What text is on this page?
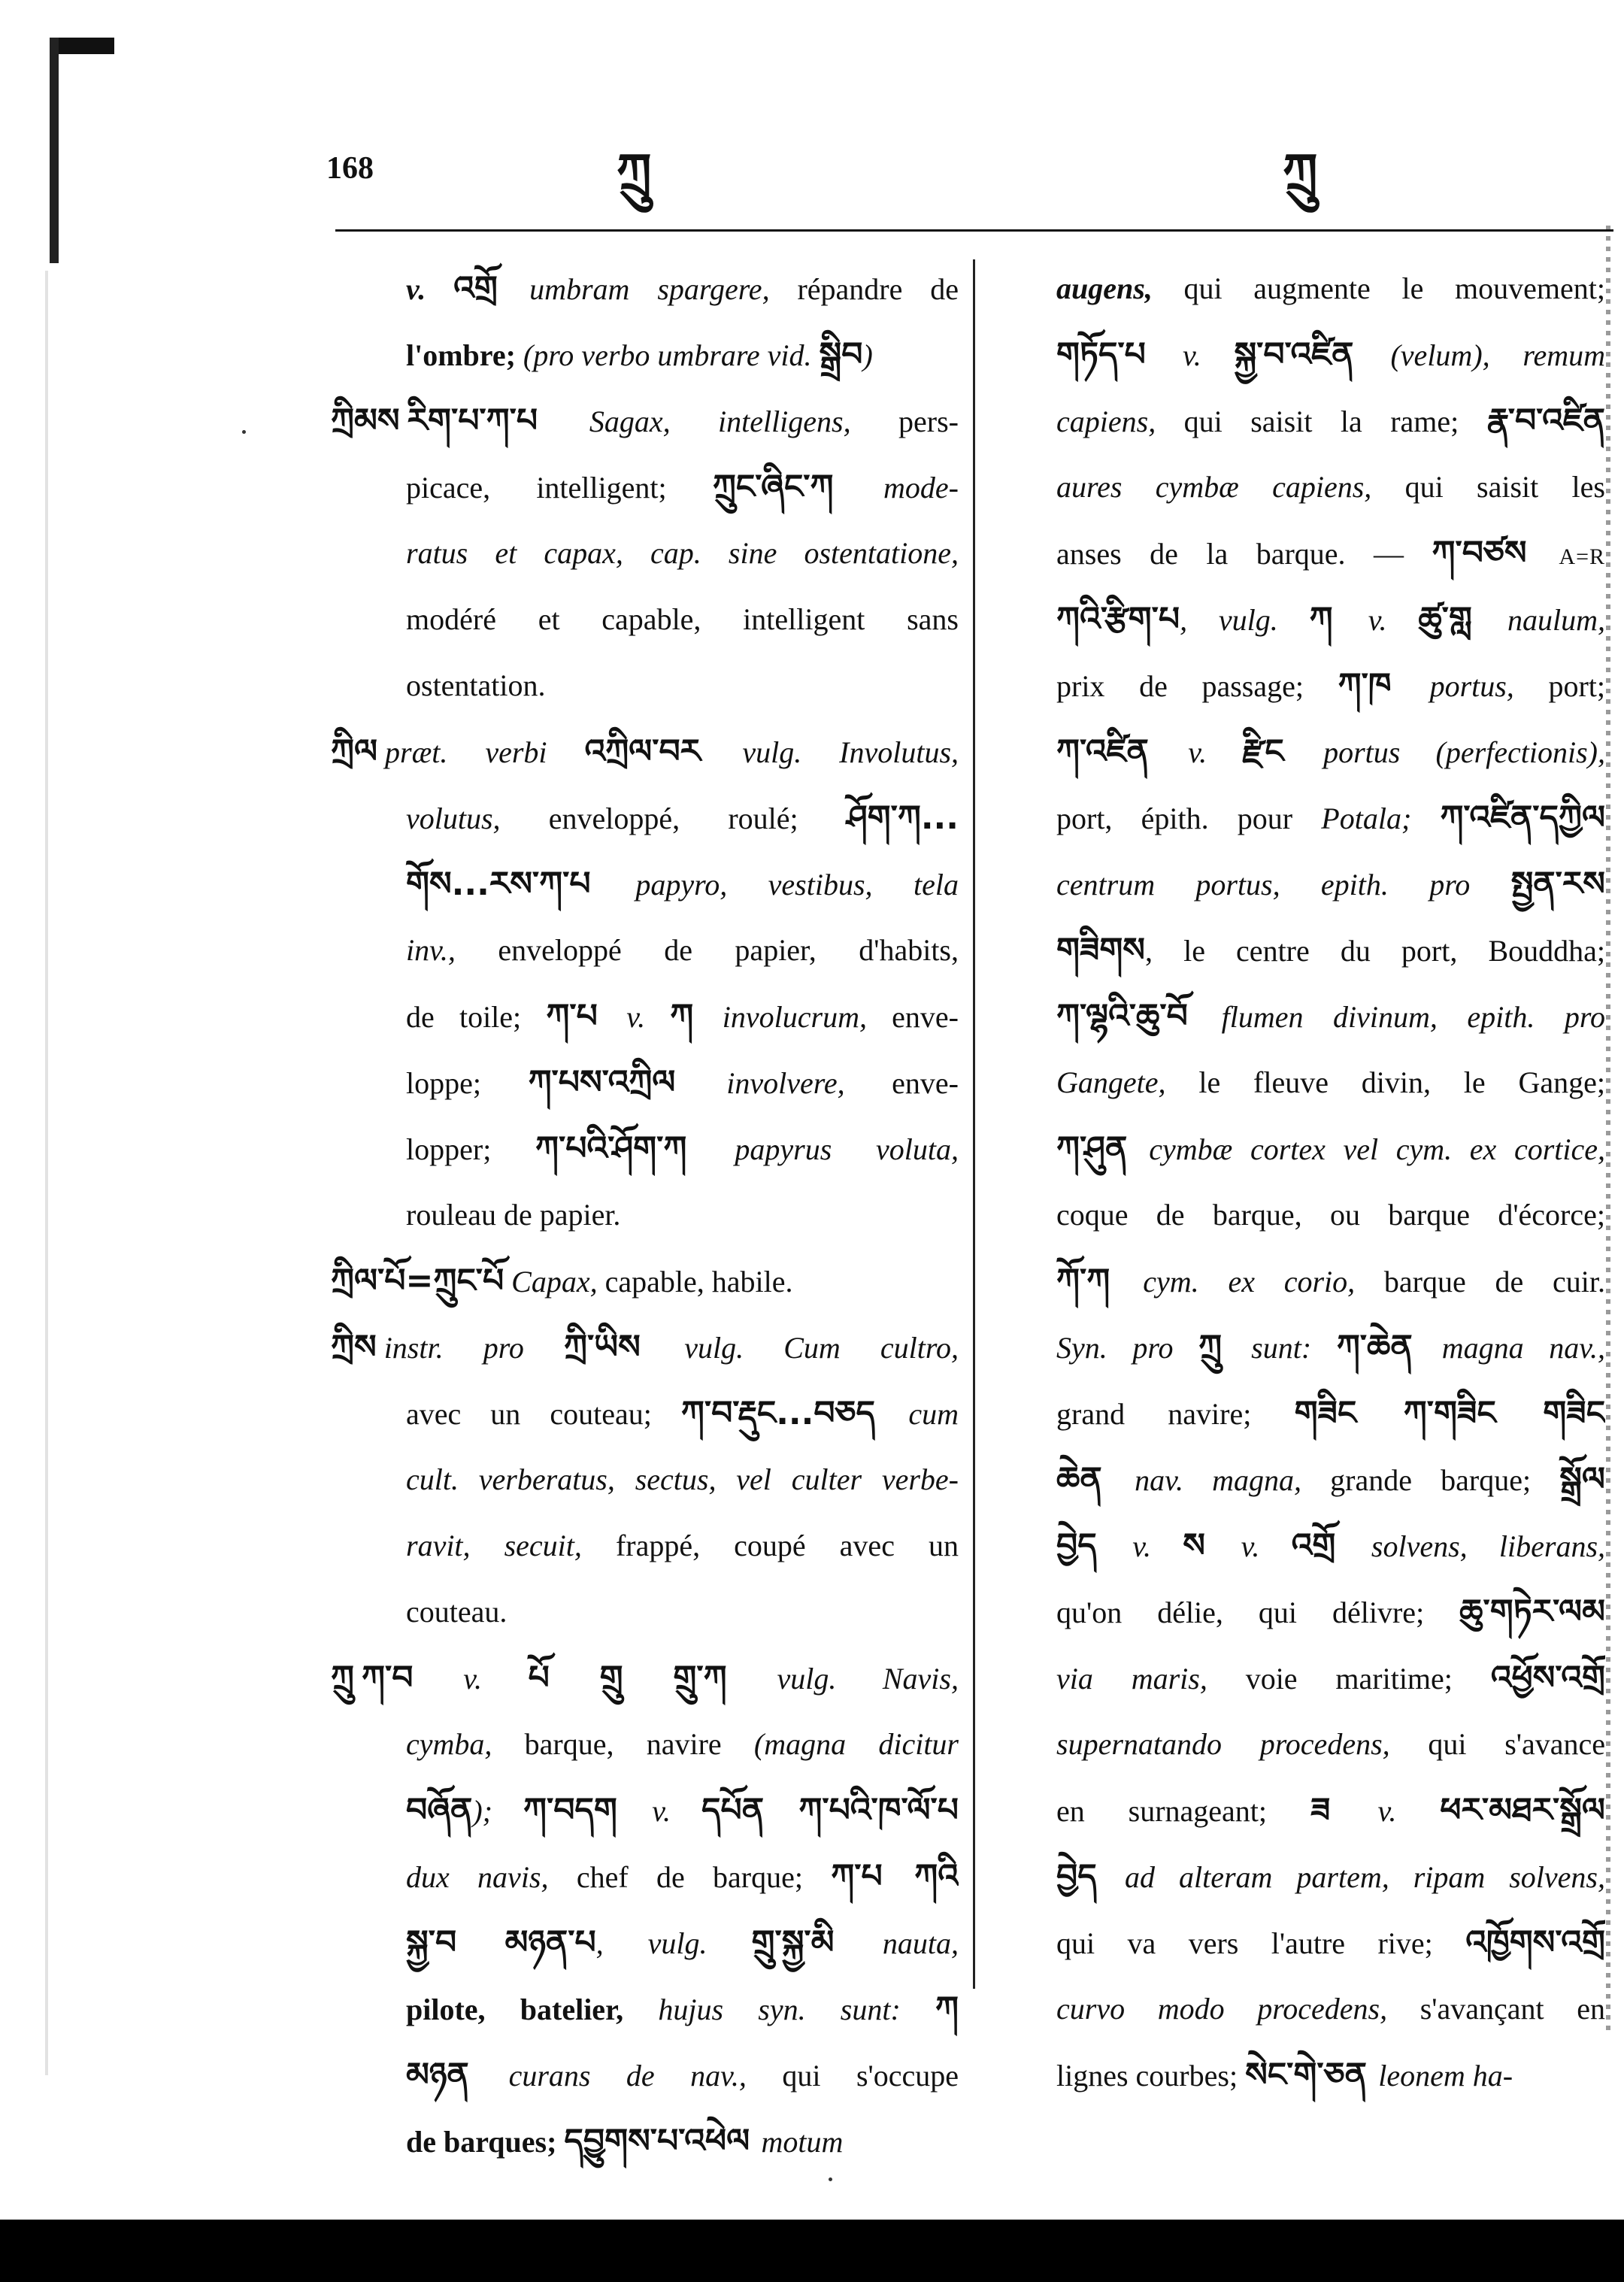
168	ཀྲུ	ཀྲུ
v. འགྲོ umbram spargere, répandre de
l'ombre; (pro verbo umbrare vid. སྒྲིབ)
ཀྲིམས རིག་པ་ཀ་པ Sagax, intelligens, pers-
picace, intelligent; ཀྲུང་ཞིང་ཀ mode-
ratus et capax, cap. sine ostentatione,
modéré et capable, intelligent sans
ostentation.
ཀྲིལ præt. verbi འཀྲིལ་བར vulg. Involutus,
volutus, enveloppé, roulé; ཤོག་ཀ...
གོས...རས་ཀ་པ papyro, vestibus, tela
inv., enveloppé de papier, d'habits,
de toile; ཀ་པ v. ཀ involucrum, enve-
loppe; ཀ་པས་འཀྲིལ involvere, enve-
lopper; ཀ་པའི་ཤོག་ཀ papyrus voluta,
rouleau de papier.
ཀྲིལ་པོ=ཀྲུང་པོ Capax, capable, habile.
ཀྲིས instr. pro ཀྲི་ཡིས vulg. Cum cultro,
avec un couteau; ཀ་བ་རྡུང...བཅད cum
cult. verberatus, sectus, vel culter verbe-
ravit, secuit, frappé, coupé avec un
couteau.
ཀྲུ ཀ་བ v. པོ གྲུ གྲུ་ཀ vulg. Navis,
cymba, barque, navire (magna dicitur
བཞོན); ཀ་བདག v. དཔོན ཀ་པའི་ཁ་ལོ་པ
dux navis, chef de barque; ཀ་པ ཀའི
སྐྱ་བ མཉན་པ, vulg. གྲུ་སྐྱ་མི nauta,
pilote, batelier, hujus syn. sunt: ཀ
མཉན curans de nav., qui s'occupe
de barques; དབྱུགས་པ་འཕེལ motum
augens, qui augmente le mouvement;
གཏོད་པ v. སྐྱ་བ་འཛིན (velum), remum
capiens, qui saisit la rame; རྣ་བ་འཛིན
aures cymbæ capiens, qui saisit les
anses de la barque. — ཀ་བཙས A=R
ཀའི་རྩིག་པ, vulg. ཀ v. ཚུ་གླ naulum,
prix de passage; ཀ་ཁ portus, port;
ཀ་འཛིན v. རྫིང portus (perfectionis),
port, épith. pour Potala; ཀ་འཛིན་དཀྱིལ
centrum portus, epith. pro སྤྱན་རས
གཟིགས, le centre du port, Bouddha;
ཀ་ལྷའི་ཆུ་བོ flumen divinum, epith. pro
Gangete, le fleuve divin, le Gange;
ཀ་ཤུན cymbæ cortex vel cym. ex cortice,
coque de barque, ou barque d'écorce;
ཀོ་ཀ cym. ex corio, barque de cuir.
Syn. pro ཀྲུ sunt: ཀ་ཆེན magna nav.,
grand navire; གཟིང ཀ་གཟིང གཟིང
ཆེན nav. magna, grande barque; སྒྲོལ
བྱེད v. ས v. འགྲོ solvens, liberans,
qu'on délie, qui délivre; ཆུ་གཏེར་ལམ
via maris, voie maritime; འཕྱོས་འགྲོ
supernatando procedens, qui s'avance
en surnageant; ཟ v. ཕར་མཐར་སྒྲོལ
བྱེད ad alteram partem, ripam solvens,
qui va vers l'autre rive; འཁྱོགས་འགྲོ
curvo modo procedens, s'avançant en
lignes courbes; སེང་གེ་ཅན leonem ha-
